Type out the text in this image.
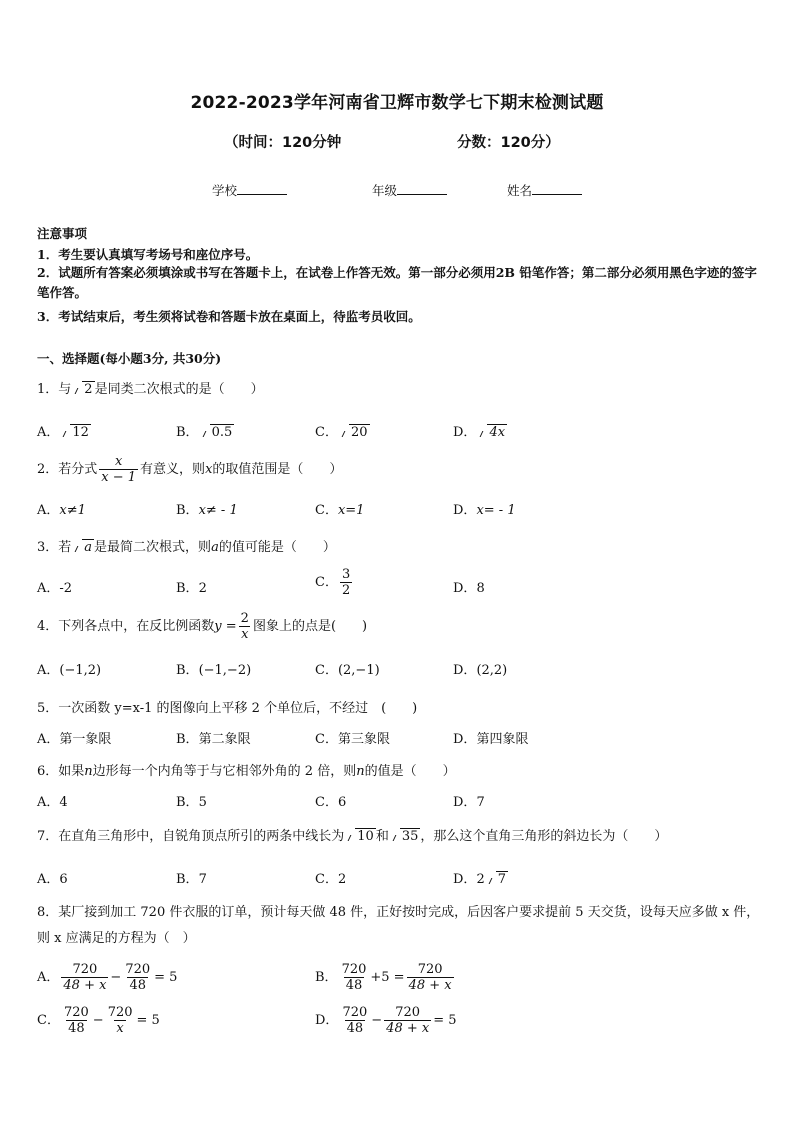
2022-2023学年河南省卫辉市数学七下期末检测试题
（时间：120分钟	分数：120分）
学校	年级	姓名
注意事项
1．考生要认真填写考场号和座位序号。
2．试题所有答案必须填涂或书写在答题卡上，在试卷上作答无效。第一部分必须用2B 铅笔作答；第二部分必须用黑色字迹的签字笔作答。
3．考试结束后，考生须将试卷和答题卡放在桌面上，待监考员收回。
一、选择题(每小题3分, 共30分)
1．与 2 是同类二次根式的是（　　）
A． 12	B． 0.5	C． 20	D． 4x
2．若分式 $\frac{x}{x - 1}$ 有意义，则x的取值范围是（　　）
A．x≠1	B．x≠ - 1	C．x=1	D．x= - 1
3．若 a 是最简二次根式，则a的值可能是（　　）
A．-2	B．2	C． $\frac{3}{2}$	D．8
4．下列各点中，在反比例函数$y = \frac{2}{x}$ 图象上的点是(　　)
A．(−1,2)	B．(−1,−2)	C．(2,−1)	D．(2,2)
5．一次函数 y=x-1 的图像向上平移 2 个单位后，不经过　(　　)
A．第一象限	B．第二象限	C．第三象限	D．第四象限
6．如果n边形每一个内角等于与它相邻外角的 2 倍，则n的值是（　　）
A．4	B．5	C．6	D．7
7．在直角三角形中，自锐角顶点所引的两条中线长为 10 和 35 ，那么这个直角三角形的斜边长为（　　）
A．6	B．7	C．2	D．2 7
8．某厂接到加工 720 件衣服的订单，预计每天做 48 件，正好按时完成，后因客户要求提前 5 天交货，设每天应多做 x 件，则 x 应满足的方程为（　）
A． $\frac{720}{48 + x} - \frac{720}{48} = 5$	B． $\frac{720}{48} +5 = \frac{720}{48 + x}$
C． $\frac{720}{48} - \frac{720}{x} = 5$	D． $\frac{720}{48} - \frac{720}{48 + x} = 5$
